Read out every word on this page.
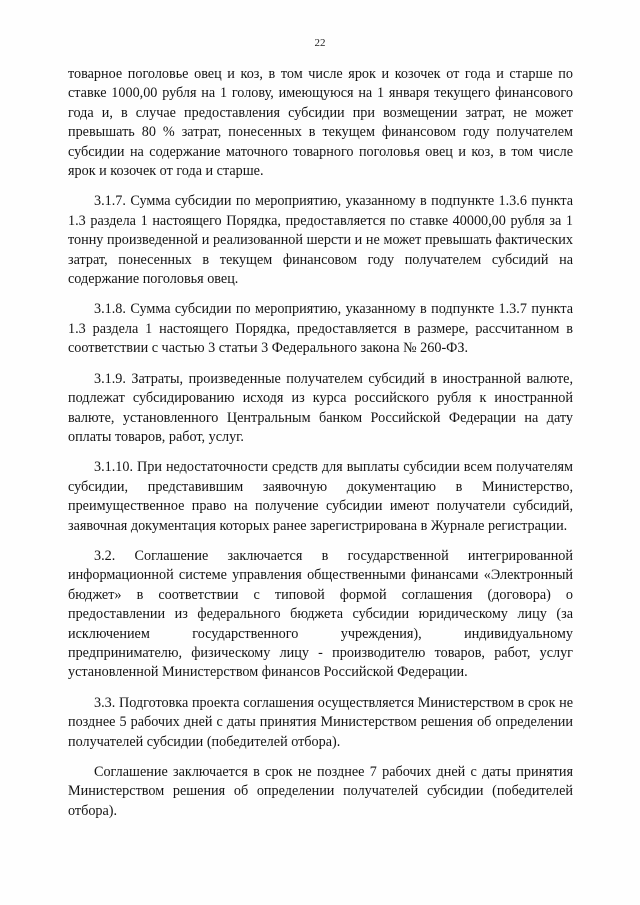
22

товарное поголовье овец и коз, в том числе ярок и козочек от года и старше по ставке 1000,00 рубля на 1 голову, имеющуюся на 1 января текущего финансового года и, в случае предоставления субсидии при возмещении затрат, не может превышать 80 % затрат, понесенных в текущем финансовом году получателем субсидии на содержание маточного товарного поголовья овец и коз, в том числе ярок и козочек от года и старше.

3.1.7. Сумма субсидии по мероприятию, указанному в подпункте 1.3.6 пункта 1.3 раздела 1 настоящего Порядка, предоставляется по ставке 40000,00 рубля за 1 тонну произведенной и реализованной шерсти и не может превышать фактических затрат, понесенных в текущем финансовом году получателем субсидий на содержание поголовья овец.

3.1.8. Сумма субсидии по мероприятию, указанному в подпункте 1.3.7 пункта 1.3 раздела 1 настоящего Порядка, предоставляется в размере, рассчитанном в соответствии с частью 3 статьи 3 Федерального закона № 260-ФЗ.

3.1.9. Затраты, произведенные получателем субсидий в иностранной валюте, подлежат субсидированию исходя из курса российского рубля к иностранной валюте, установленного Центральным банком Российской Федерации на дату оплаты товаров, работ, услуг.

3.1.10. При недостаточности средств для выплаты субсидии всем получателям субсидии, представившим заявочную документацию в Министерство, преимущественное право на получение субсидии имеют получатели субсидий, заявочная документация которых ранее зарегистрирована в Журнале регистрации.

3.2. Соглашение заключается в государственной интегрированной информационной системе управления общественными финансами «Электронный бюджет» в соответствии с типовой формой соглашения (договора) о предоставлении из федерального бюджета субсидии юридическому лицу (за исключением государственного учреждения), индивидуальному предпринимателю, физическому лицу - производителю товаров, работ, услуг установленной Министерством финансов Российской Федерации.

3.3. Подготовка проекта соглашения осуществляется Министерством в срок не позднее 5 рабочих дней с даты принятия Министерством решения об определении получателей субсидии (победителей отбора).

Соглашение заключается в срок не позднее 7 рабочих дней с даты принятия Министерством решения об определении получателей субсидии (победителей отбора).
